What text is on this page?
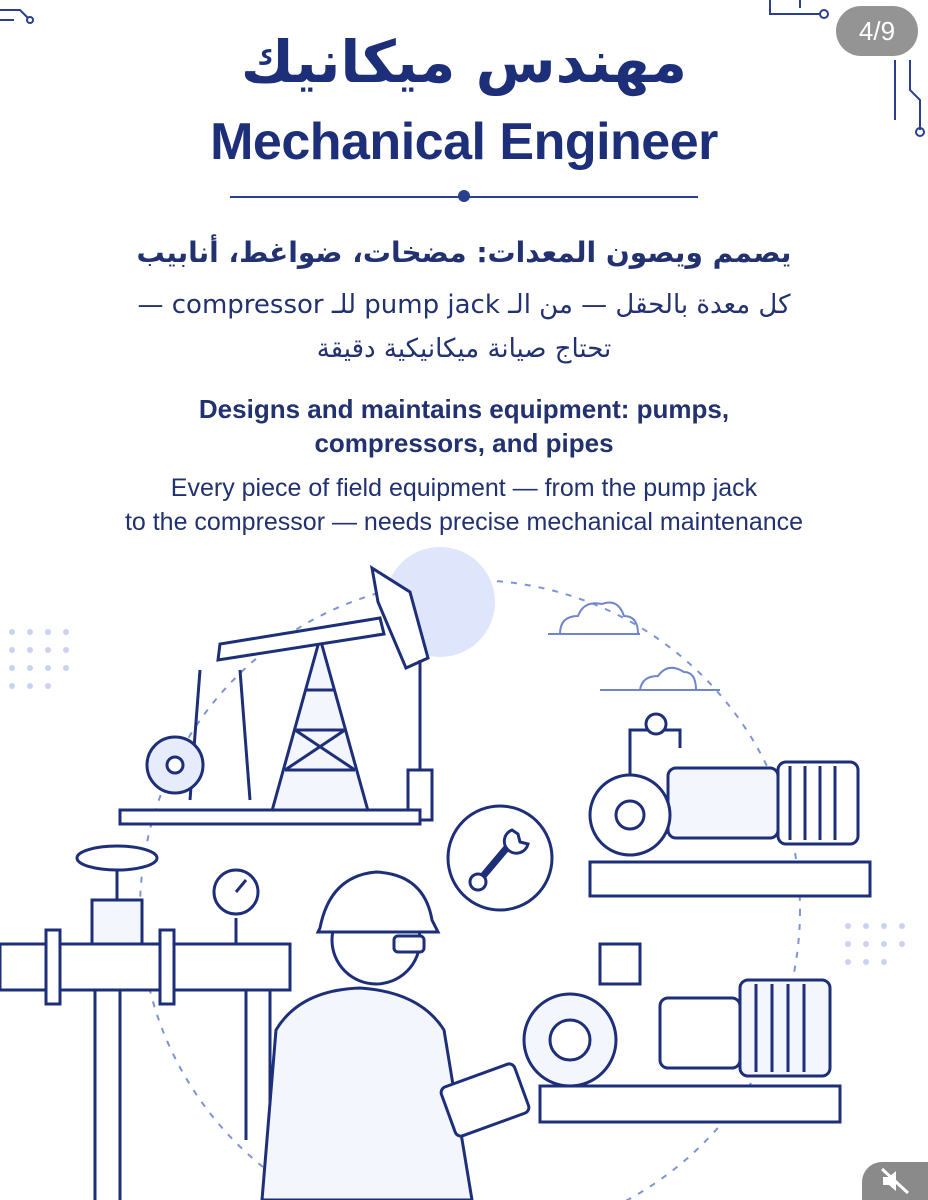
4/9
مهندس ميكانيك
Mechanical Engineer
يصمم ويصون المعدات: مضخات، ضواغط، أنابيب
كل معدة بالحقل — من الـ pump jack للـ compressor —
تحتاج صيانة ميكانيكية دقيقة
Designs and maintains equipment: pumps,
compressors, and pipes
Every piece of field equipment — from the pump jack
to the compressor — needs precise mechanical maintenance
